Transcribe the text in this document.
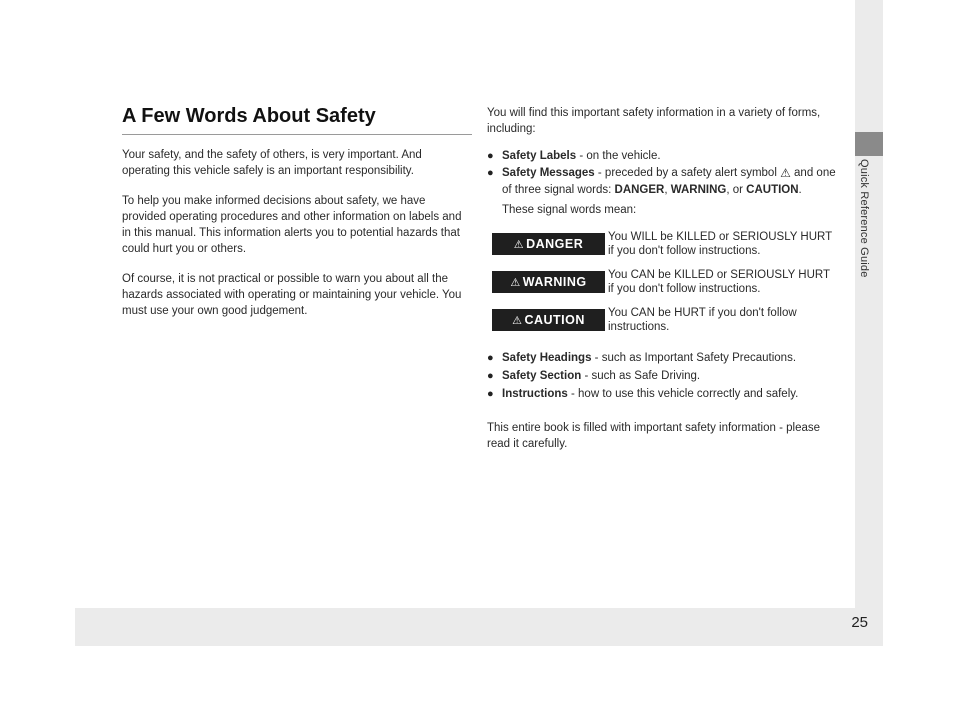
Quick Reference Guide
25
A Few Words About Safety

Your safety, and the safety of others, is very important. And operating this vehicle safely is an important responsibility.

To help you make informed decisions about safety, we have provided operating procedures and other information on labels and in this manual. This information alerts you to potential hazards that could hurt you or others.

Of course, it is not practical or possible to warn you about all the hazards associated with operating or maintaining your vehicle. You must use your own good judgement.

You will find this important safety information in a variety of forms, including:

● Safety Labels - on the vehicle.
● Safety Messages - preceded by a safety alert symbol ⚠ and one of three signal words: DANGER, WARNING, or CAUTION.
These signal words mean:
⚠ DANGER	You WILL be KILLED or SERIOUSLY HURT if you don't follow instructions.
⚠ WARNING	You CAN be KILLED or SERIOUSLY HURT if you don't follow instructions.
⚠ CAUTION	You CAN be HURT if you don't follow instructions.
● Safety Headings - such as Important Safety Precautions.
● Safety Section - such as Safe Driving.
● Instructions - how to use this vehicle correctly and safely.

This entire book is filled with important safety information - please read it carefully.
